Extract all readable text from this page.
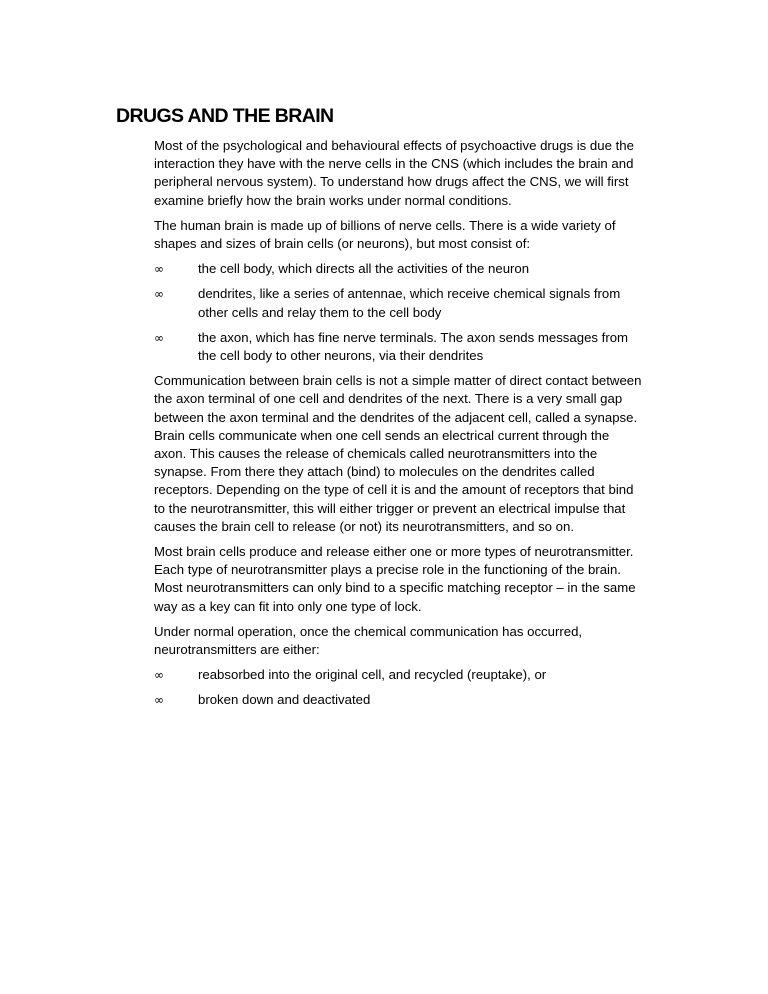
DRUGS AND THE BRAIN

Most of the psychological and behavioural effects of psychoactive drugs is due the interaction they have with the nerve cells in the CNS (which includes the brain and peripheral nervous system). To understand how drugs affect the CNS, we will first examine briefly how the brain works under normal conditions.

The human brain is made up of billions of nerve cells. There is a wide variety of shapes and sizes of brain cells (or neurons), but most consist of:

∞	the cell body, which directs all the activities of the neuron
∞	dendrites, like a series of antennae, which receive chemical signals from other cells and relay them to the cell body
∞	the axon, which has fine nerve terminals. The axon sends messages from the cell body to other neurons, via their dendrites

Communication between brain cells is not a simple matter of direct contact between the axon terminal of one cell and dendrites of the next. There is a very small gap between the axon terminal and the dendrites of the adjacent cell, called a synapse. Brain cells communicate when one cell sends an electrical current through the axon. This causes the release of chemicals called neurotransmitters into the synapse. From there they attach (bind) to molecules on the dendrites called receptors. Depending on the type of cell it is and the amount of receptors that bind to the neurotransmitter, this will either trigger or prevent an electrical impulse that causes the brain cell to release (or not) its neurotransmitters, and so on.

Most brain cells produce and release either one or more types of neurotransmitter. Each type of neurotransmitter plays a precise role in the functioning of the brain. Most neurotransmitters can only bind to a specific matching receptor – in the same way as a key can fit into only one type of lock.

Under normal operation, once the chemical communication has occurred, neurotransmitters are either:

∞	reabsorbed into the original cell, and recycled (reuptake), or
∞	broken down and deactivated
